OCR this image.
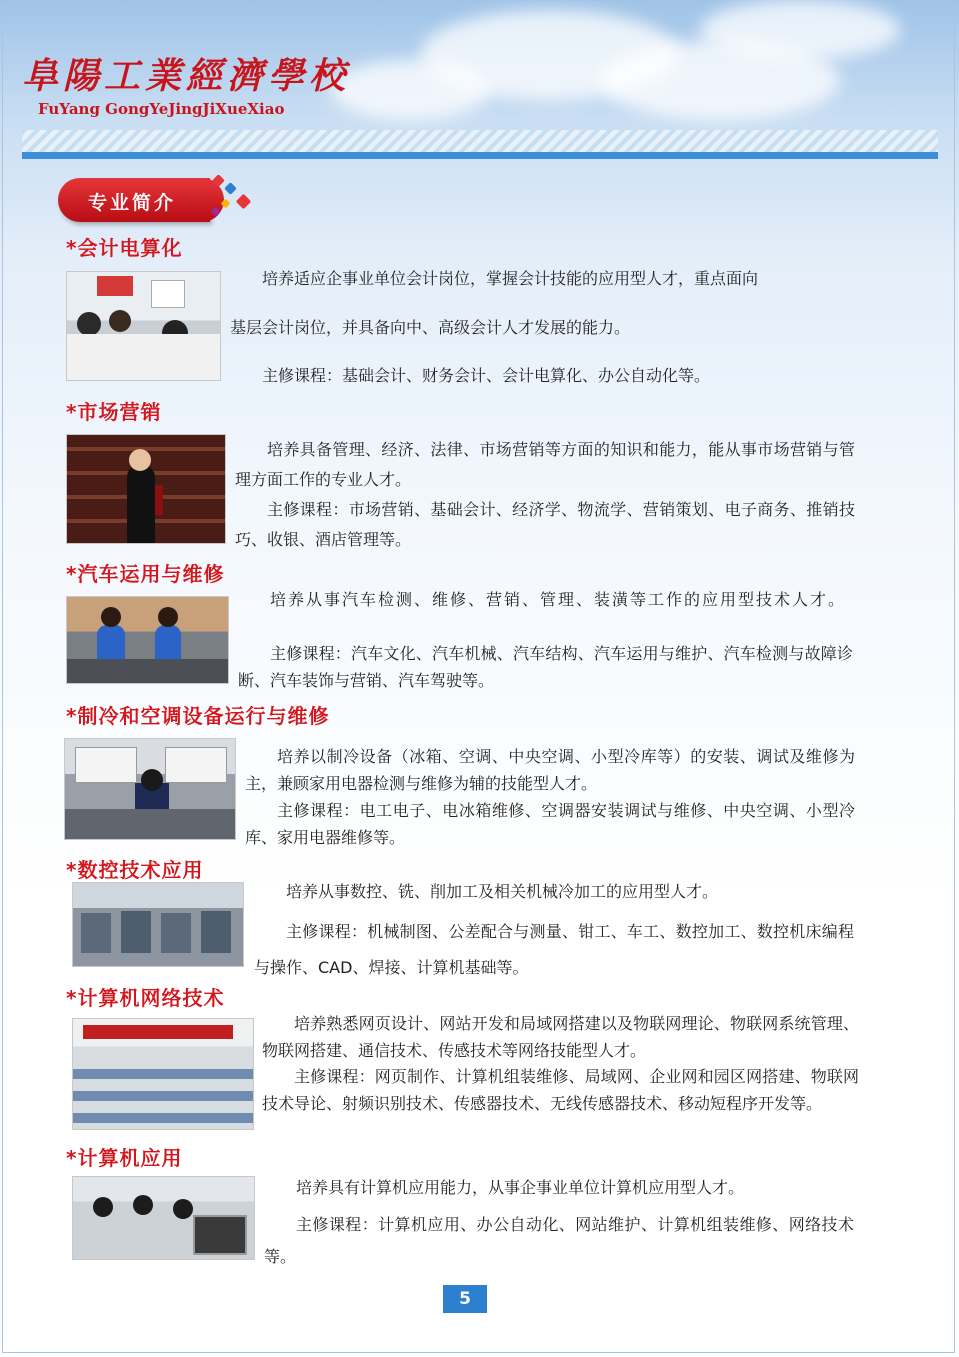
阜陽工業經濟學校
FuYang GongYeJingJiXueXiao
专业简介
*会计电算化

培养适应企事业单位会计岗位，掌握会计技能的应用型人才，重点面向

基层会计岗位，并具备向中、高级会计人才发展的能力。

主修课程：基础会计、财务会计、会计电算化、办公自动化等。

*市场营销

培养具备管理、经济、法律、市场营销等方面的知识和能力，能从事市场营销与管理方面工作的专业人才。

主修课程：市场营销、基础会计、经济学、物流学、营销策划、电子商务、推销技巧、收银、酒店管理等。

*汽车运用与维修

培养从事汽车检测、维修、营销、管理、装潢等工作的应用型技术人才。

主修课程：汽车文化、汽车机械、汽车结构、汽车运用与维护、汽车检测与故障诊断、汽车装饰与营销、汽车驾驶等。

*制冷和空调设备运行与维修

培养以制冷设备（冰箱、空调、中央空调、小型冷库等）的安装、调试及维修为主，兼顾家用电器检测与维修为辅的技能型人才。

主修课程：电工电子、电冰箱维修、空调器安装调试与维修、中央空调、小型冷库、家用电器维修等。

*数控技术应用

培养从事数控、铣、削加工及相关机械冷加工的应用型人才。

主修课程：机械制图、公差配合与测量、钳工、车工、数控加工、数控机床编程与操作、CAD、焊接、计算机基础等。

*计算机网络技术

培养熟悉网页设计、网站开发和局域网搭建以及物联网理论、物联网系统管理、物联网搭建、通信技术、传感技术等网络技能型人才。

主修课程：网页制作、计算机组装维修、局域网、企业网和园区网搭建、物联网技术导论、射频识别技术、传感器技术、无线传感器技术、移动短程序开发等。

*计算机应用

培养具有计算机应用能力，从事企事业单位计算机应用型人才。

主修课程：计算机应用、办公自动化、网站维护、计算机组装维修、网络技术等。

5
